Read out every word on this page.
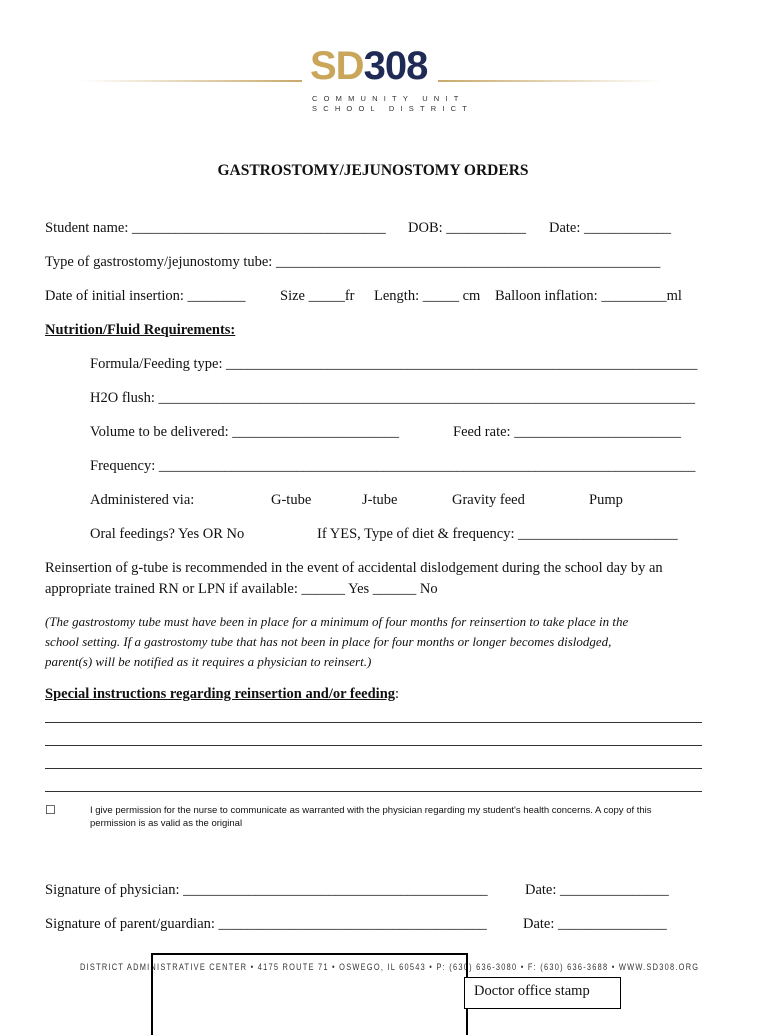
SD308
COMMUNITY UNIT
SCHOOL DISTRICT
GASTROSTOMY/JEJUNOSTOMY ORDERS
Student name: ___________________________________ DOB: ___________ Date: ____________
Type of gastrostomy/jejunostomy tube: _____________________________________________________
Date of initial insertion: ________ Size _____fr Length: _____ cm Balloon inflation: _________ml
Nutrition/Fluid Requirements:
Formula/Feeding type: _________________________________________________________________
H2O flush: __________________________________________________________________________
Volume to be delivered: _______________________	Feed rate: _______________________
Frequency: __________________________________________________________________________
Administered via:	G-tube	J-tube	Gravity feed	Pump
Oral feedings? Yes OR No	If YES, Type of diet & frequency: ______________________
Reinsertion of g-tube is recommended in the event of accidental dislodgement during the school day by an
appropriate trained RN or LPN if available: ______ Yes ______ No
(The gastrostomy tube must have been in place for a minimum of four months for reinsertion to take place in the
school setting. If a gastrostomy tube that has not been in place for four months or longer becomes dislodged,
parent(s) will be notified as it requires a physician to reinsert.)
Special instructions regarding reinsertion and/or feeding:
☐	I give permission for the nurse to communicate as warranted with the physician regarding my student's health concerns. A copy of this
permission is as valid as the original
Signature of physician: __________________________________________	Date: _______________
Signature of parent/guardian: _____________________________________ Date: _______________
DISTRICT ADMINISTRATIVE CENTER • 4175 ROUTE 71 • OSWEGO, IL 60543 • P: (630) 636-3080 • F: (630) 636-3688 • WWW.SD308.ORG
Doctor office stamp
